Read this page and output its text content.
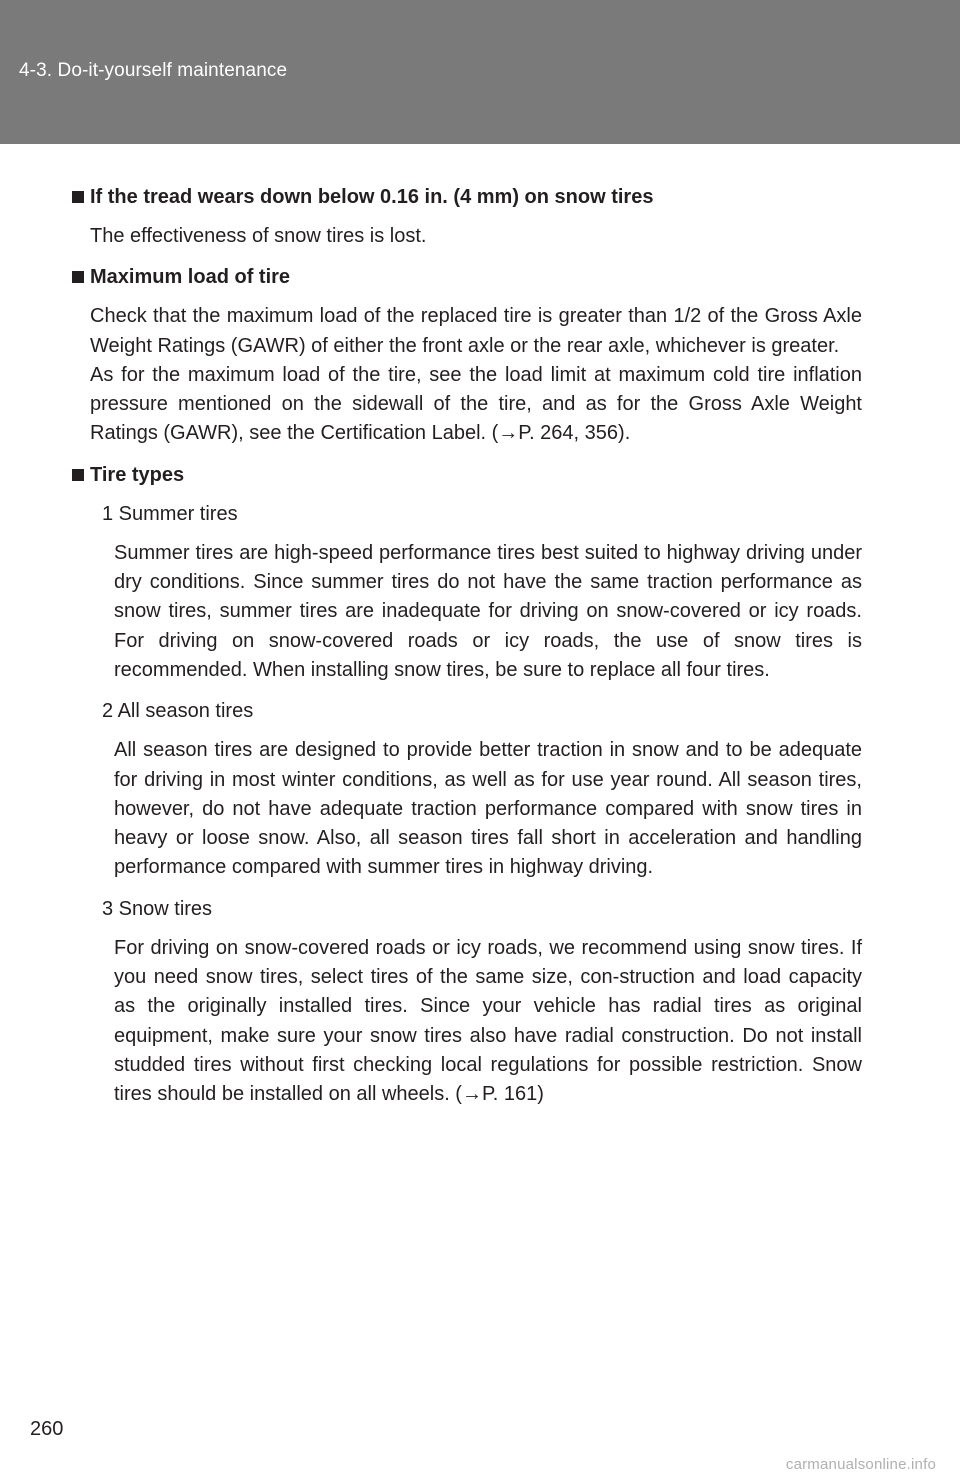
4-3. Do-it-yourself maintenance
If the tread wears down below 0.16 in. (4 mm) on snow tires

The effectiveness of snow tires is lost.

Maximum load of tire

Check that the maximum load of the replaced tire is greater than 1/2 of the Gross Axle Weight Ratings (GAWR) of either the front axle or the rear axle, whichever is greater.

As for the maximum load of the tire, see the load limit at maximum cold tire inflation pressure mentioned on the sidewall of the tire, and as for the Gross Axle Weight Ratings (GAWR), see the Certification Label. (→P. 264, 356).

Tire types
1 Summer tires

Summer tires are high-speed performance tires best suited to highway driving under dry conditions. Since summer tires do not have the same traction performance as snow tires, summer tires are inadequate for driving on snow-covered or icy roads. For driving on snow-covered roads or icy roads, the use of snow tires is recommended. When installing snow tires, be sure to replace all four tires.

2 All season tires

All season tires are designed to provide better traction in snow and to be adequate for driving in most winter conditions, as well as for use year round. All season tires, however, do not have adequate traction performance compared with snow tires in heavy or loose snow. Also, all season tires fall short in acceleration and handling performance compared with summer tires in highway driving.

3 Snow tires

For driving on snow-covered roads or icy roads, we recommend using snow tires. If you need snow tires, select tires of the same size, con-struction and load capacity as the originally installed tires. Since your vehicle has radial tires as original equipment, make sure your snow tires also have radial construction. Do not install studded tires without first checking local regulations for possible restriction. Snow tires should be installed on all wheels. (→P. 161)

260
carmanualsonline.info
